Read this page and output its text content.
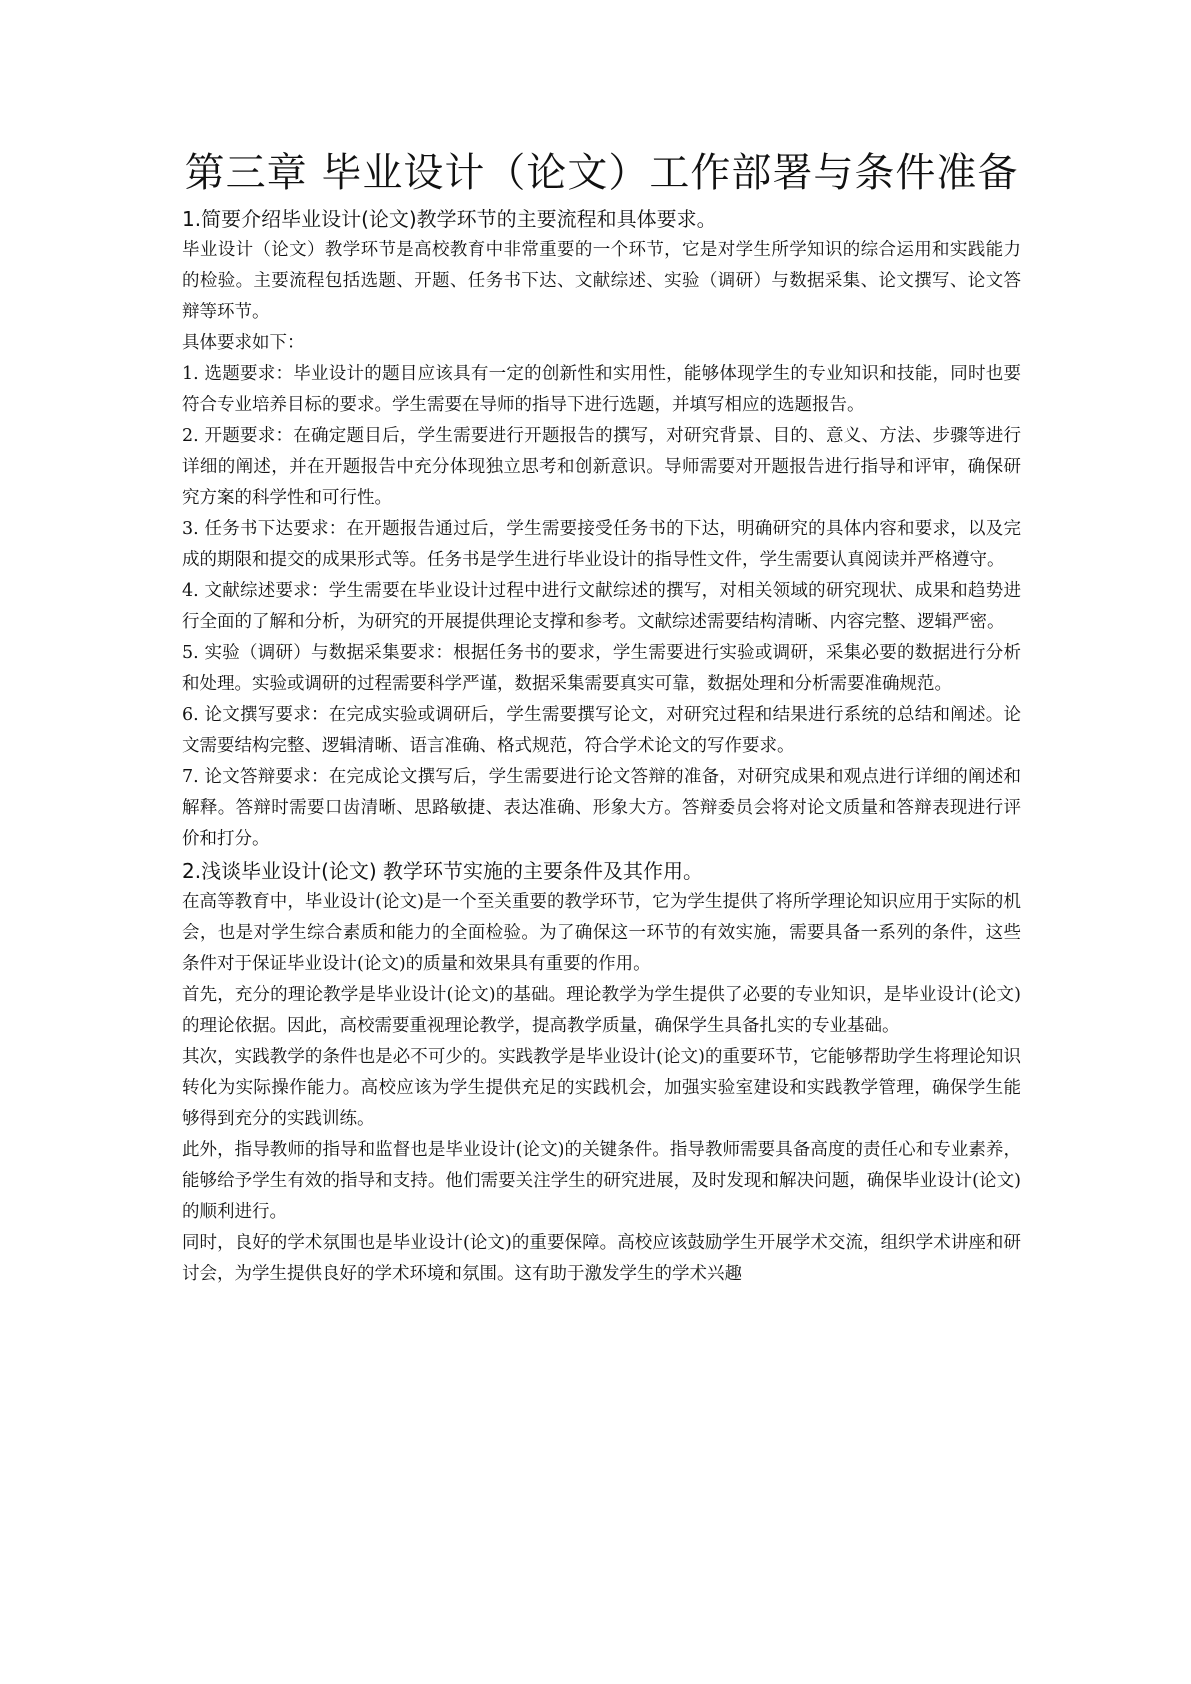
第三章 毕业设计（论文）工作部署与条件准备
1.简要介绍毕业设计(论文)教学环节的主要流程和具体要求。

毕业设计（论文）教学环节是高校教育中非常重要的一个环节，它是对学生所学知识的综合运用和实践能力的检验。主要流程包括选题、开题、任务书下达、文献综述、实验（调研）与数据采集、论文撰写、论文答辩等环节。

具体要求如下：

1. 选题要求：毕业设计的题目应该具有一定的创新性和实用性，能够体现学生的专业知识和技能，同时也要符合专业培养目标的要求。学生需要在导师的指导下进行选题，并填写相应的选题报告。

2. 开题要求：在确定题目后，学生需要进行开题报告的撰写，对研究背景、目的、意义、方法、步骤等进行详细的阐述，并在开题报告中充分体现独立思考和创新意识。导师需要对开题报告进行指导和评审，确保研究方案的科学性和可行性。

3. 任务书下达要求：在开题报告通过后，学生需要接受任务书的下达，明确研究的具体内容和要求，以及完成的期限和提交的成果形式等。任务书是学生进行毕业设计的指导性文件，学生需要认真阅读并严格遵守。

4. 文献综述要求：学生需要在毕业设计过程中进行文献综述的撰写，对相关领域的研究现状、成果和趋势进行全面的了解和分析，为研究的开展提供理论支撑和参考。文献综述需要结构清晰、内容完整、逻辑严密。

5. 实验（调研）与数据采集要求：根据任务书的要求，学生需要进行实验或调研，采集必要的数据进行分析和处理。实验或调研的过程需要科学严谨，数据采集需要真实可靠，数据处理和分析需要准确规范。

6. 论文撰写要求：在完成实验或调研后，学生需要撰写论文，对研究过程和结果进行系统的总结和阐述。论文需要结构完整、逻辑清晰、语言准确、格式规范，符合学术论文的写作要求。

7. 论文答辩要求：在完成论文撰写后，学生需要进行论文答辩的准备，对研究成果和观点进行详细的阐述和解释。答辩时需要口齿清晰、思路敏捷、表达准确、形象大方。答辩委员会将对论文质量和答辩表现进行评价和打分。

2.浅谈毕业设计(论文) 教学环节实施的主要条件及其作用。

在高等教育中，毕业设计(论文)是一个至关重要的教学环节，它为学生提供了将所学理论知识应用于实际的机会，也是对学生综合素质和能力的全面检验。为了确保这一环节的有效实施，需要具备一系列的条件，这些条件对于保证毕业设计(论文)的质量和效果具有重要的作用。

首先，充分的理论教学是毕业设计(论文)的基础。理论教学为学生提供了必要的专业知识，是毕业设计(论文)的理论依据。因此，高校需要重视理论教学，提高教学质量，确保学生具备扎实的专业基础。

其次，实践教学的条件也是必不可少的。实践教学是毕业设计(论文)的重要环节，它能够帮助学生将理论知识转化为实际操作能力。高校应该为学生提供充足的实践机会，加强实验室建设和实践教学管理，确保学生能够得到充分的实践训练。

此外，指导教师的指导和监督也是毕业设计(论文)的关键条件。指导教师需要具备高度的责任心和专业素养，能够给予学生有效的指导和支持。他们需要关注学生的研究进展，及时发现和解决问题，确保毕业设计(论文)的顺利进行。

同时，良好的学术氛围也是毕业设计(论文)的重要保障。高校应该鼓励学生开展学术交流，组织学术讲座和研讨会，为学生提供良好的学术环境和氛围。这有助于激发学生的学术兴趣
